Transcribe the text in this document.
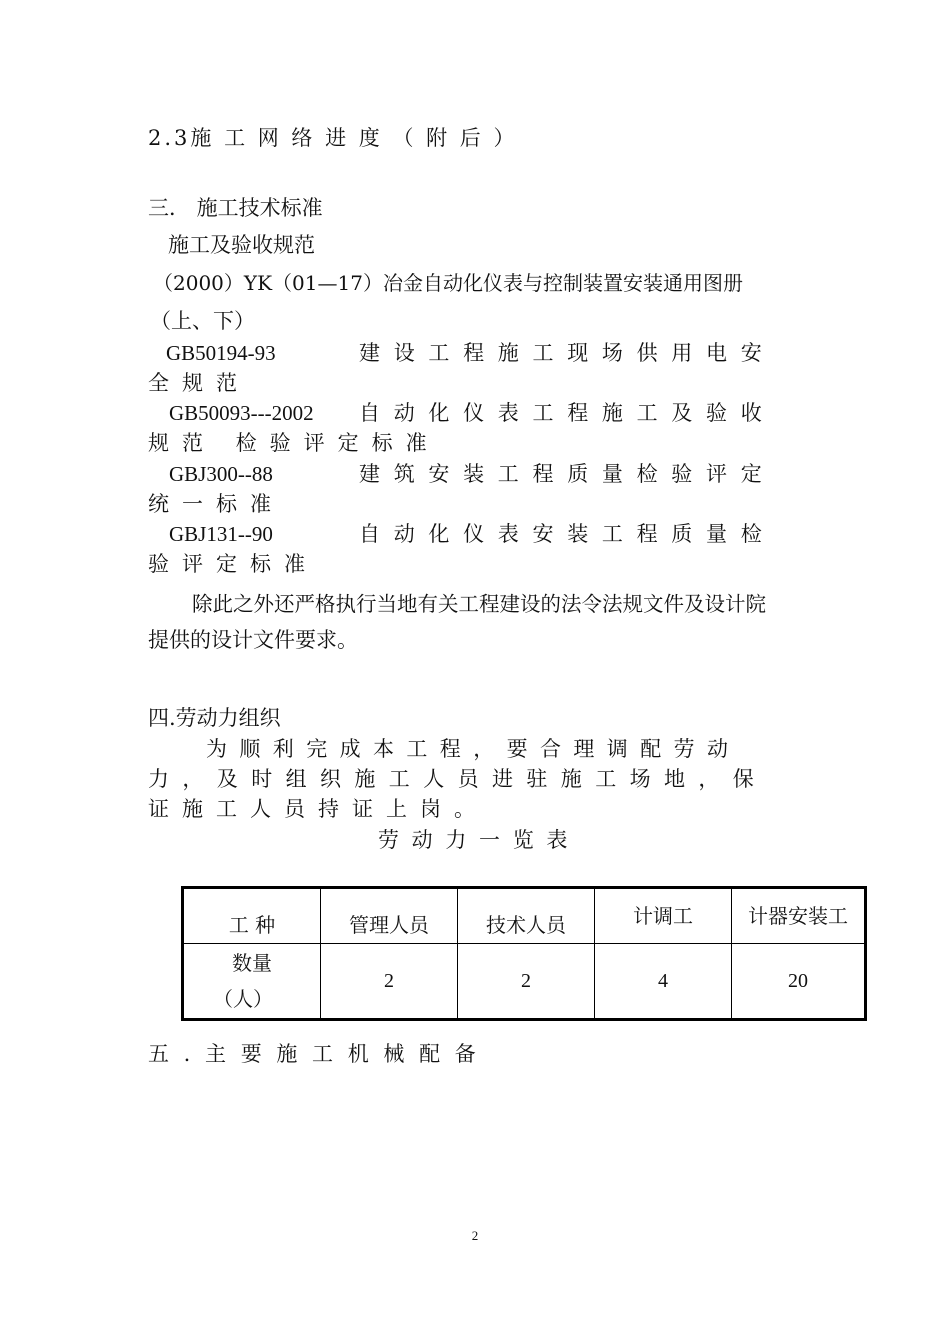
2.3施 工 网 络 进 度 （ 附 后 ）
三． 施工技术标准
施工及验收规范
（2000）YK（01—17）冶金自动化仪表与控制装置安装通用图册
（上、下）
GB50194-93	建设工程施工现场供用电安
全规范
GB50093---2002 自动化仪表工程施工及验收
规范 检验评定标准
GBJ300--88	建筑安装工程质量检验评定
统一标准
GBJ131--90	自动化仪表安装工程质量检
验评定标准
除此之外还严格执行当地有关工程建设的法令法规文件及设计院
提供的设计文件要求。
四.劳动力组织
为顺利完成本工程，要合理调配劳动
力，及时组织施工人员进驻施工场地，保
证施工人员持证上岗。
劳 动 力 一 览 表
工 种	管理人员	技术人员	计调工	计器安装工

数量
（人）	2	2	4	20
五 . 主 要 施 工 机 械 配 备
2
